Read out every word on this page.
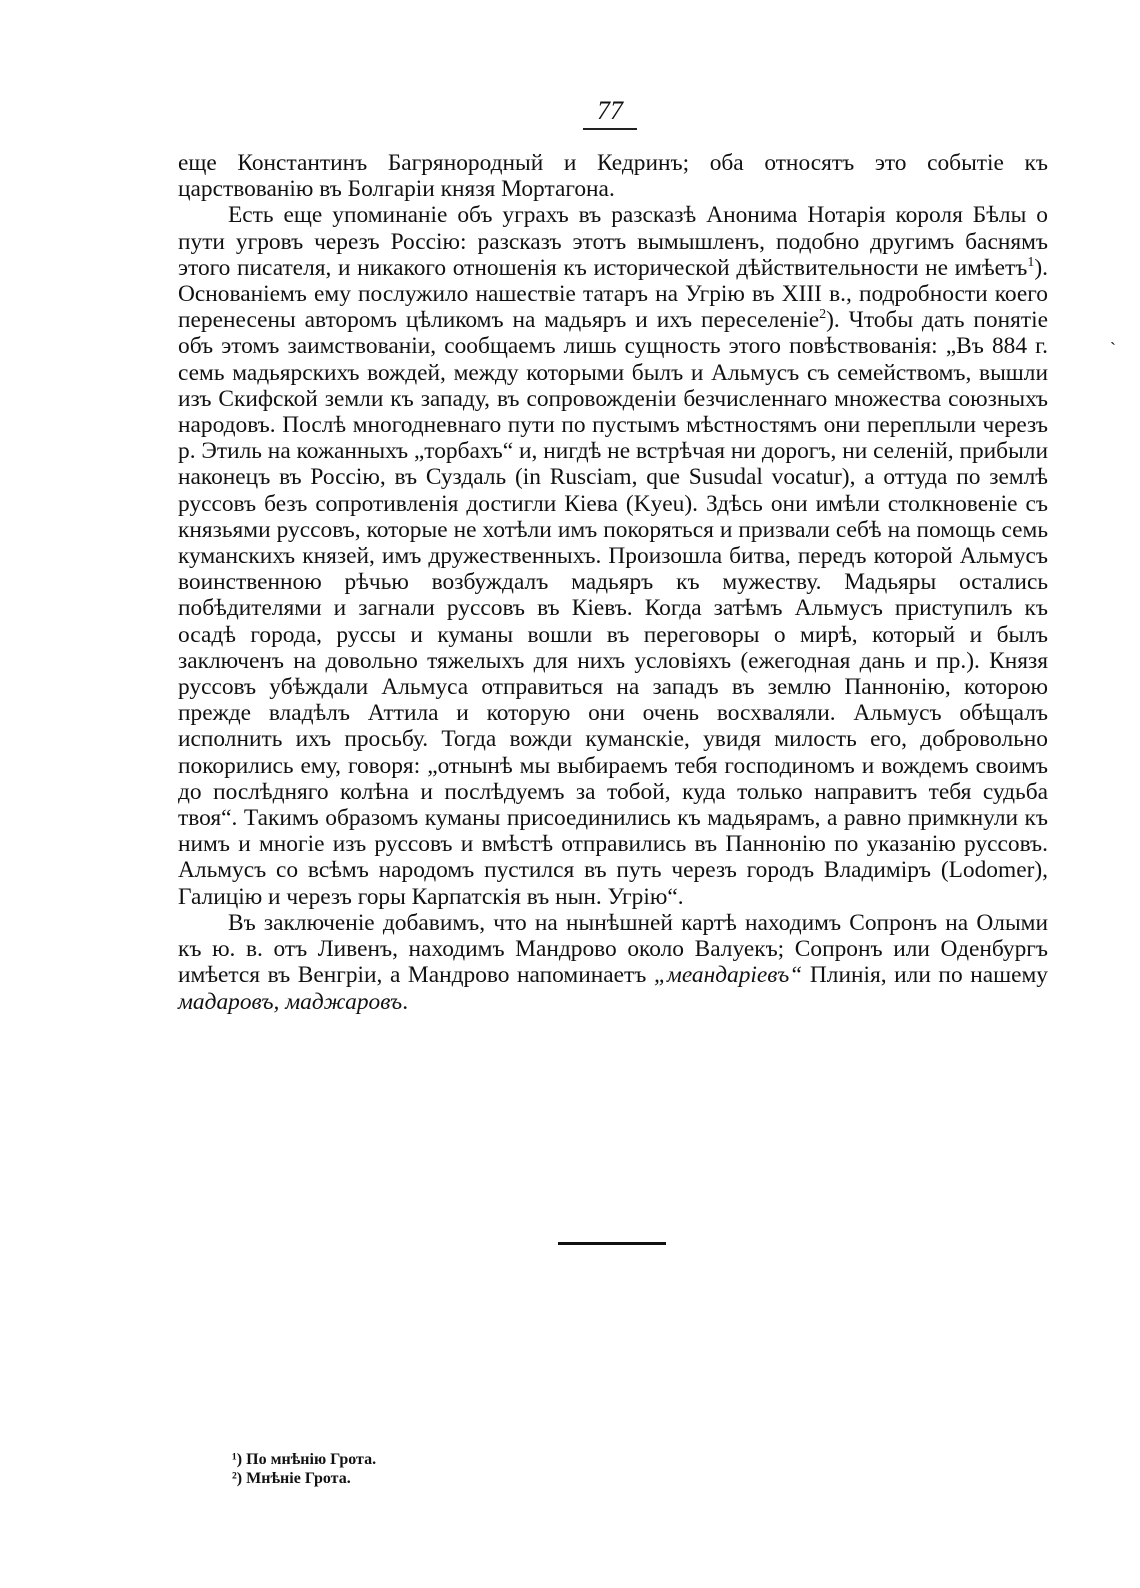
77

еще Константинъ Багрянородный и Кедринъ; оба относятъ это событіе къ царствованію въ Болгаріи князя Мортагона.

Есть еще упоминаніе объ уграхъ въ разсказѣ Анонима Нотарія короля Бѣлы о пути угровъ черезъ Россію: разсказъ этотъ вымышленъ, подобно другимъ баснямъ этого писателя, и никакого отношенія къ исторической дѣйствительности не имѣетъ$^1$). Основаніемъ ему послужило нашествіе татаръ на Угрію въ XIII в., подробности коего перенесены авторомъ цѣликомъ на мадьяръ и ихъ переселеніе$^2$). Чтобы дать понятіе объ этомъ заимствованіи, сообщаемъ лишь сущность этого повѣствованія: „Въ 884 г. семь мадьярскихъ вождей, между которыми былъ и Альмусъ съ семействомъ, вышли изъ Скифской земли къ западу, въ сопровожденіи безчисленнаго множества союзныхъ народовъ. Послѣ многодневнаго пути по пустымъ мѣстностямъ они переплыли черезъ р. Этиль на кожанныхъ „торбахъ“ и, нигдѣ не встрѣчая ни дорогъ, ни селеній, прибыли наконецъ въ Россію, въ Суздаль (in Rusciam, que Susudal vocatur), а оттуда по землѣ руссовъ безъ сопротивленія достигли Кіева (Kyeu). Здѣсь они имѣли столкновеніе съ князьями руссовъ, которые не хотѣли имъ покоряться и призвали себѣ на помощь семь куманскихъ князей, имъ дружественныхъ. Произошла битва, передъ которой Альмусъ воинственною рѣчью возбуждалъ мадьяръ къ мужеству. Мадьяры остались побѣдителями и загнали руссовъ въ Кіевъ. Когда затѣмъ Альмусъ приступилъ къ осадѣ города, руссы и куманы вошли въ переговоры о мирѣ, который и былъ заключенъ на довольно тяжелыхъ для нихъ условіяхъ (ежегодная дань и пр.). Князя руссовъ убѣждали Альмуса отправиться на западъ въ землю Паннонію, которою прежде владѣлъ Аттила и которую они очень восхваляли. Альмусъ обѣщалъ исполнить ихъ просьбу. Тогда вожди куманскіе, увидя милость его, добровольно покорились ему, говоря: „отнынѣ мы выбираемъ тебя господиномъ и вождемъ своимъ до послѣдняго колѣна и послѣдуемъ за тобой, куда только направитъ тебя судьба твоя“. Такимъ образомъ куманы присоединились къ мадьярамъ, а равно примкнули къ нимъ и многіе изъ руссовъ и вмѣстѣ отправились въ Паннонію по указанію руссовъ. Альмусъ со всѣмъ народомъ пустился въ путь черезъ городъ Владиміръ (Lodomer), Галицію и черезъ горы Карпатскія въ нын. Угрію“.

Въ заключеніе добавимъ, что на нынѣшней картѣ находимъ Сопронъ на Олыми къ ю. в. отъ Ливенъ, находимъ Мандрово около Валуекъ; Сопронъ или Оденбургъ имѣется въ Венгріи, а Мандрово напоминаетъ „меандаріевъ“ Плинія, или по нашему мадаровъ, маджаровъ.

ˋ

¹) По мнѣнію Грота.

²) Мнѣніе Грота.
